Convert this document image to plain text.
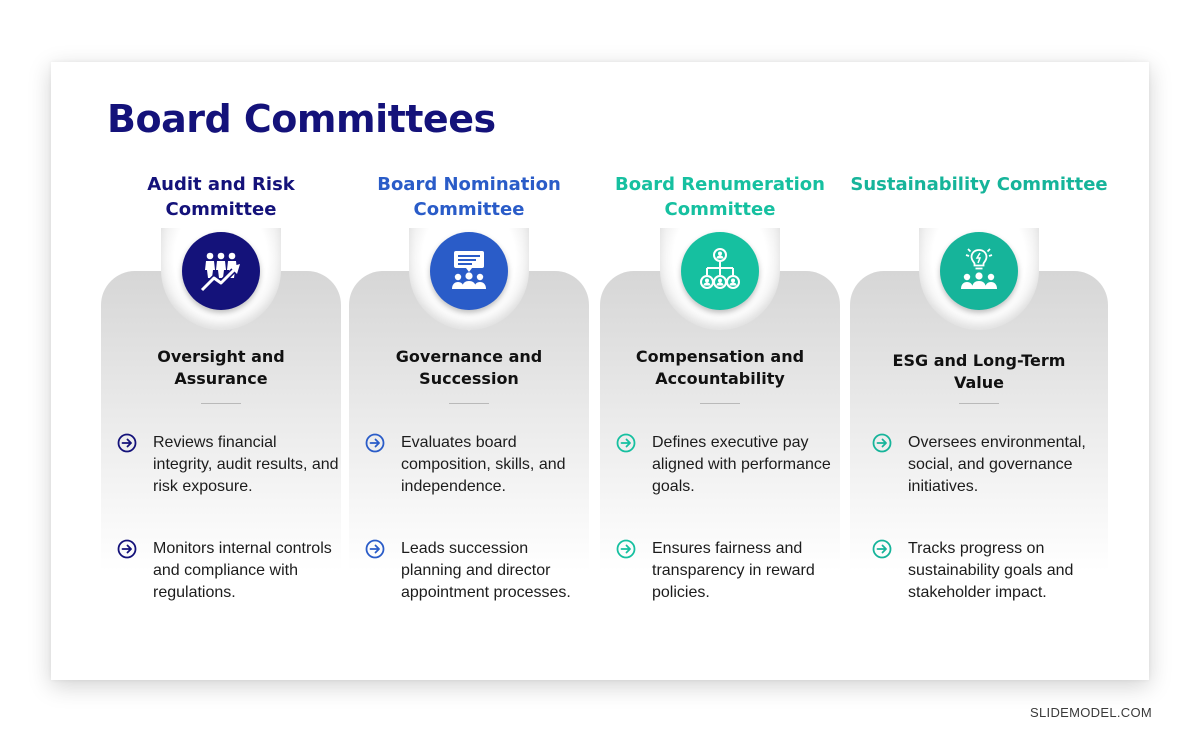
Board Committees
Audit and Risk Committee
Oversight and Assurance
Reviews financial integrity, audit results, and risk exposure.
Monitors internal controls and compliance with regulations.
Board Nomination Committee
Governance and Succession
Evaluates board composition, skills, and independence.
Leads succession planning and director appointment processes.
Board Renumeration Committee
Compensation and Accountability
Defines executive pay aligned with performance goals.
Ensures fairness and transparency in reward policies.
Sustainability Committee
ESG and Long-Term Value
Oversees environmental, social, and governance initiatives.
Tracks progress on sustainability goals and stakeholder impact.
SLIDEMODEL.COM
